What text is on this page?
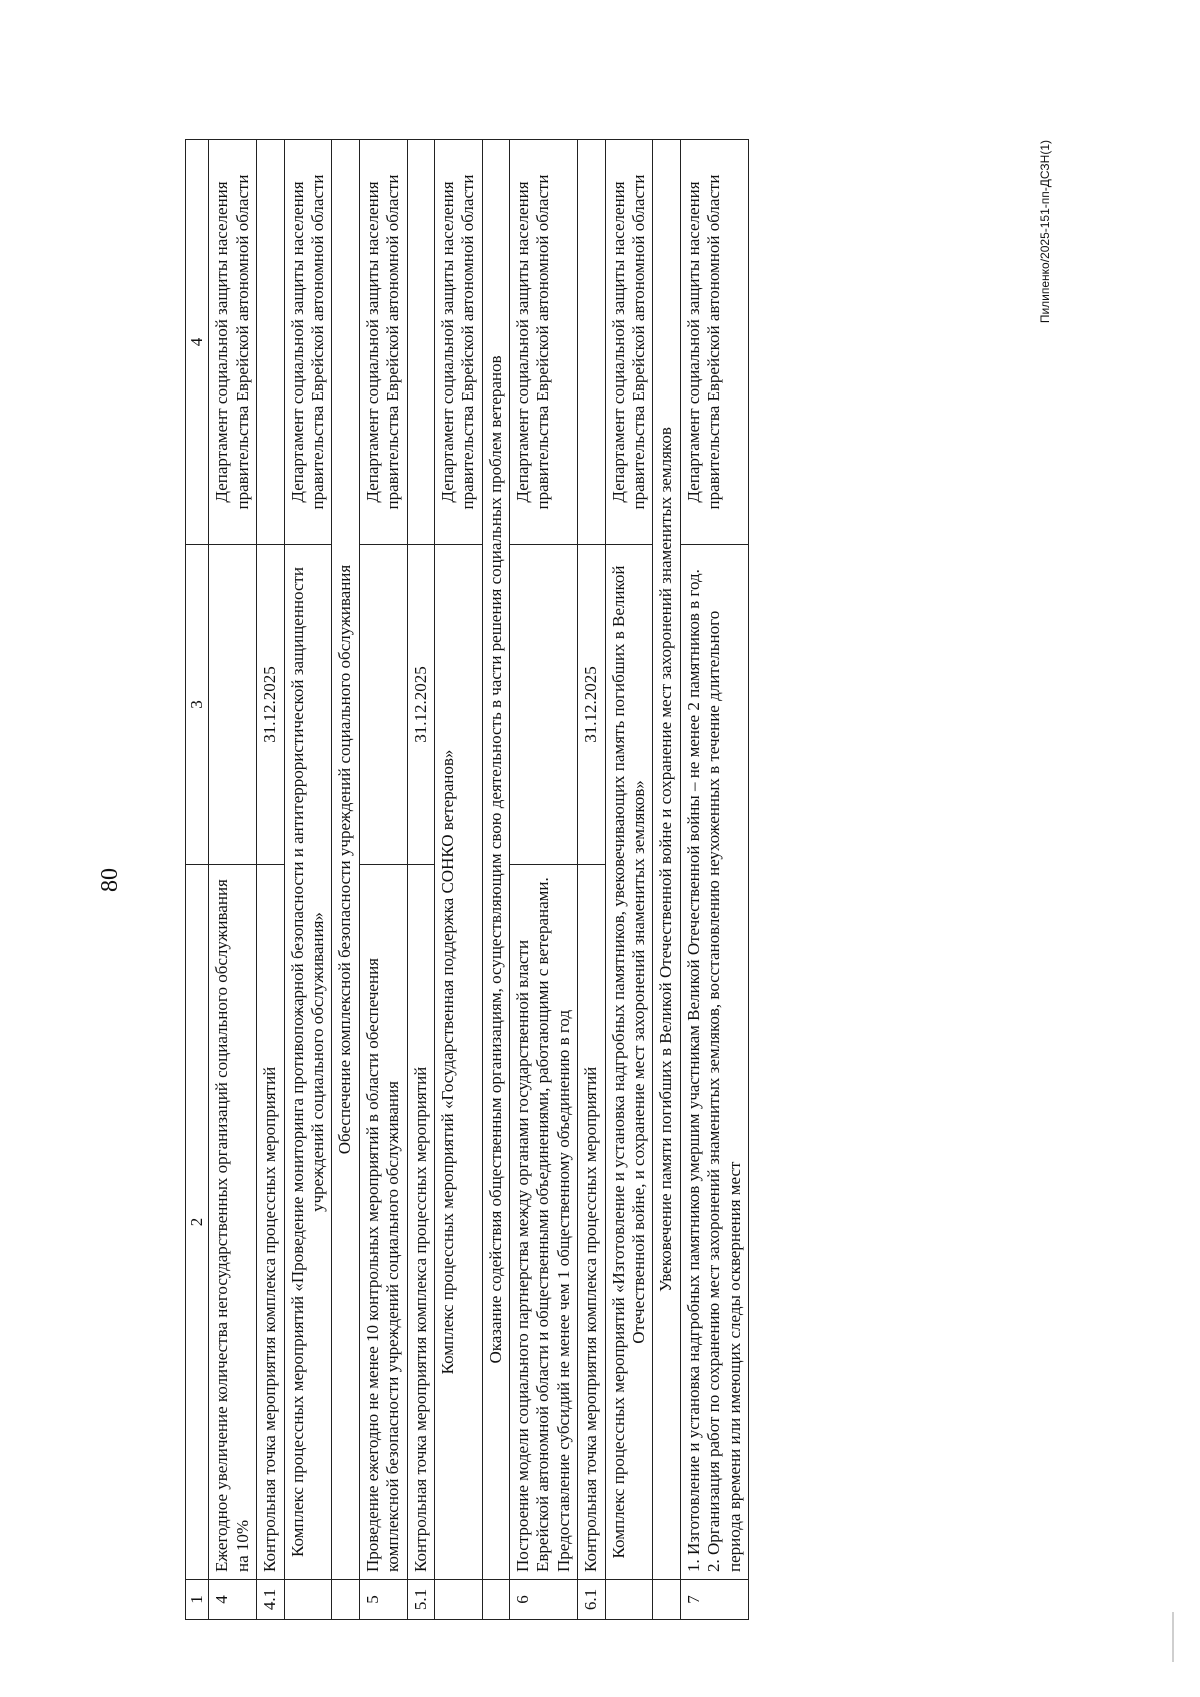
80
1	2	3	4
4	Ежегодное увеличение количества негосударственных организаций социального обслуживания на 10%		Департамент социальной защиты населения правительства Еврейской автономной области
4.1	Контрольная точка мероприятия комплекса процессных мероприятий	31.12.2025	
	Комплекс процессных мероприятий «Проведение мониторинга противопожарной безопасности и антитеррористической защищенности учреждений социального обслуживания»		Департамент социальной защиты населения правительства Еврейской автономной области
	Обеспечение комплексной безопасности учреждений социального обслуживания		
5	Проведение ежегодно не менее 10 контрольных мероприятий в области обеспечения комплексной безопасности учреждений социального обслуживания		Департамент социальной защиты населения правительства Еврейской автономной области
5.1	Контрольная точка мероприятия комплекса процессных мероприятий	31.12.2025	
	Комплекс процессных мероприятий «Государственная поддержка СОНКО ветеранов»		Департамент социальной защиты населения правительства Еврейской автономной области
	Оказание содействия общественным организациям, осуществляющим свою деятельность в части решения социальных проблем ветеранов		
6	Построение модели социального партнерства между органами государственной власти Еврейской автономной области и общественными объединениями, работающими с ветеранами. Предоставление субсидий не менее чем 1 общественному объединению в год		Департамент социальной защиты населения правительства Еврейской автономной области
6.1	Контрольная точка мероприятия комплекса процессных мероприятий	31.12.2025	
	Комплекс процессных мероприятий «Изготовление и установка надгробных памятников, увековечивающих память погибших в Великой Отечественной войне, и сохранение мест захоронений знаменитых земляков»		Департамент социальной защиты населения правительства Еврейской автономной области
	Увековечение памяти погибших в Великой Отечественной войне и сохранение мест захоронений знаменитых земляков		
7	1. Изготовление и установка надгробных памятников умершим участникам Великой Отечественной войны – не менее 2 памятников в год. 2. Организация работ по сохранению мест захоронений знаменитых земляков, восстановлению неухоженных в течение длительного периода времени или имеющих следы осквернения мест		Департамент социальной защиты населения правительства Еврейской автономной области	Пилипенко/2025-151-пп-ДСЗН(1)
